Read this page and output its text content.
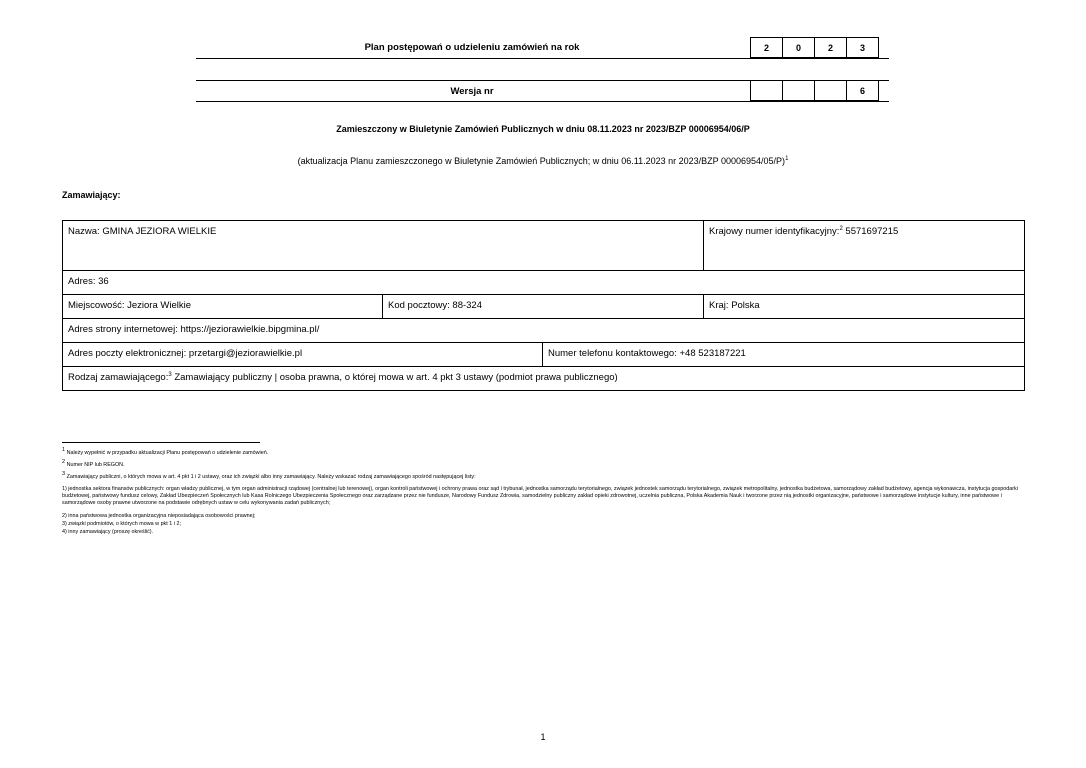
Plan postępowań o udzieleniu zamówień na rok	2	0	2	3
Wersja nr	6
Zamieszczony w Biuletynie Zamówień Publicznych w dniu 08.11.2023 nr 2023/BZP 00006954/06/P
(aktualizacja Planu zamieszczonego w Biuletynie Zamówień Publicznych; w dniu 06.11.2023 nr 2023/BZP 00006954/05/P)$^1$
Zamawiający:
Nazwa: GMINA JEZIORA WIELKIE			Krajowy numer identyfikacyjny:$^2$ 5571697215
Adres: 36			
Miejscowość: Jeziora Wielkie	Kod pocztowy: 88-324		Kraj: Polska
Adres strony internetowej: https://jeziorawielkie.bipgmina.pl/			
Adres poczty elektronicznej: przetargi@jeziorawielkie.pl		Numer telefonu kontaktowego: +48 523187221	
Rodzaj zamawiającego:$^3$ Zamawiający publiczny | osoba prawna, o której mowa w art. 4 pkt 3 ustawy (podmiot prawa publicznego)			
1 Należy wypełnić w przypadku aktualizacji Planu postępowań o udzielenie zamówień.
2 Numer NIP lub REGON.
3 Zamawiający publiczni, o których mowa w art. 4 pkt 1 i 2 ustawy, oraz ich związki albo inny zamawiający. Należy wskazać rodzaj zamawiającego spośród następującej listy:
1) jednostka sektora finansów publicznych: organ władzy publicznej, w tym organ administracji rządowej (centralnej lub terenowej), organ kontroli państwowej i ochrony prawa oraz sąd i trybunał, jednostka samorządu terytorialnego, związek jednostek samorządu terytorialnego, związek metropolitalny, jednostka budżetowa, samorządowy zakład budżetowy, agencja wykonawcza, instytucja gospodarki budżetowej, państwowy fundusz celowy, Zakład Ubezpieczeń Społecznych lub Kasa Rolniczego Ubezpieczenia Społecznego oraz zarządzane przez nie fundusze, Narodowy Fundusz Zdrowia, samodzielny publiczny zakład opieki zdrowotnej, uczelnia publiczna, Polska Akademia Nauk i tworzone przez nią jednostki organizacyjne, państwowe i samorządowe instytucje kultury, inne państwowe i samorządowe osoby prawne utworzone na podstawie odrębnych ustaw w celu wykonywania zadań publicznych;
2) inna państwowa jednostka organizacyjna nieposiadająca osobowości prawnej;
3) związki podmiotów, o których mowa w pkt 1 i 2;
4) inny zamawiający (proszę określić).
1
